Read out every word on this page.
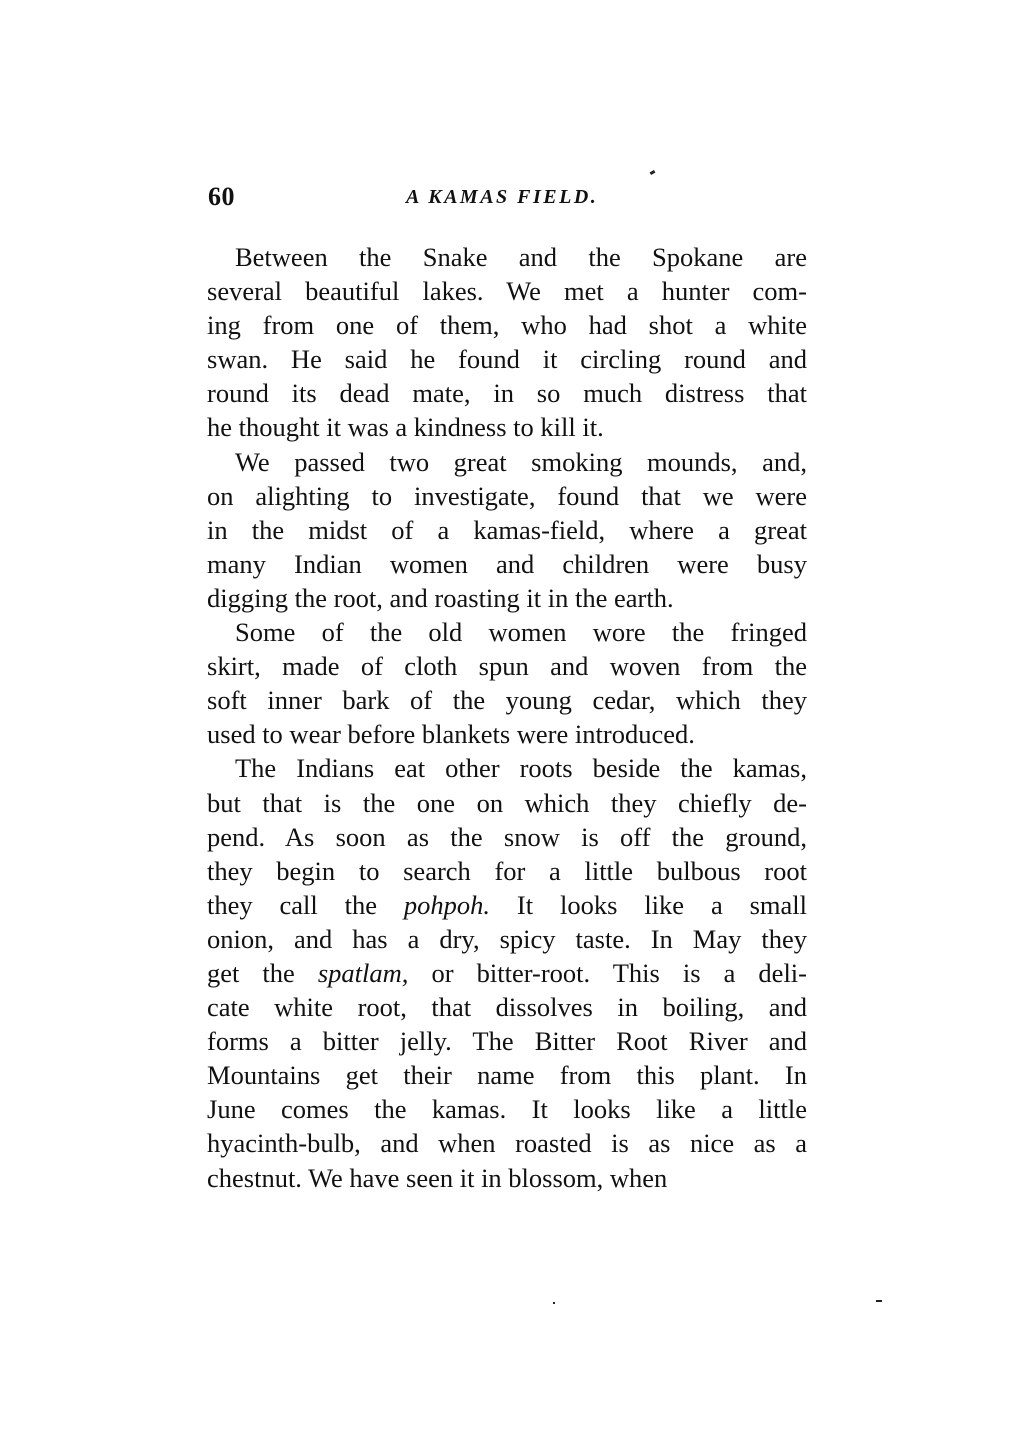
60	A KAMAS FIELD.
Between the Snake and the Spokane are
several beautiful lakes. We met a hunter com-
ing from one of them, who had shot a white
swan. He said he found it circling round and
round its dead mate, in so much distress that
he thought it was a kindness to kill it.
We passed two great smoking mounds, and,
on alighting to investigate, found that we were
in the midst of a kamas-field, where a great
many Indian women and children were busy
digging the root, and roasting it in the earth.
Some of the old women wore the fringed
skirt, made of cloth spun and woven from the
soft inner bark of the young cedar, which they
used to wear before blankets were introduced.
The Indians eat other roots beside the kamas,
but that is the one on which they chiefly de-
pend. As soon as the snow is off the ground,
they begin to search for a little bulbous root
they call the pohpoh. It looks like a small
onion, and has a dry, spicy taste. In May they
get the spatlam, or bitter-root. This is a deli-
cate white root, that dissolves in boiling, and
forms a bitter jelly. The Bitter Root River and
Mountains get their name from this plant. In
June comes the kamas. It looks like a little
hyacinth-bulb, and when roasted is as nice as a
chestnut. We have seen it in blossom, when
